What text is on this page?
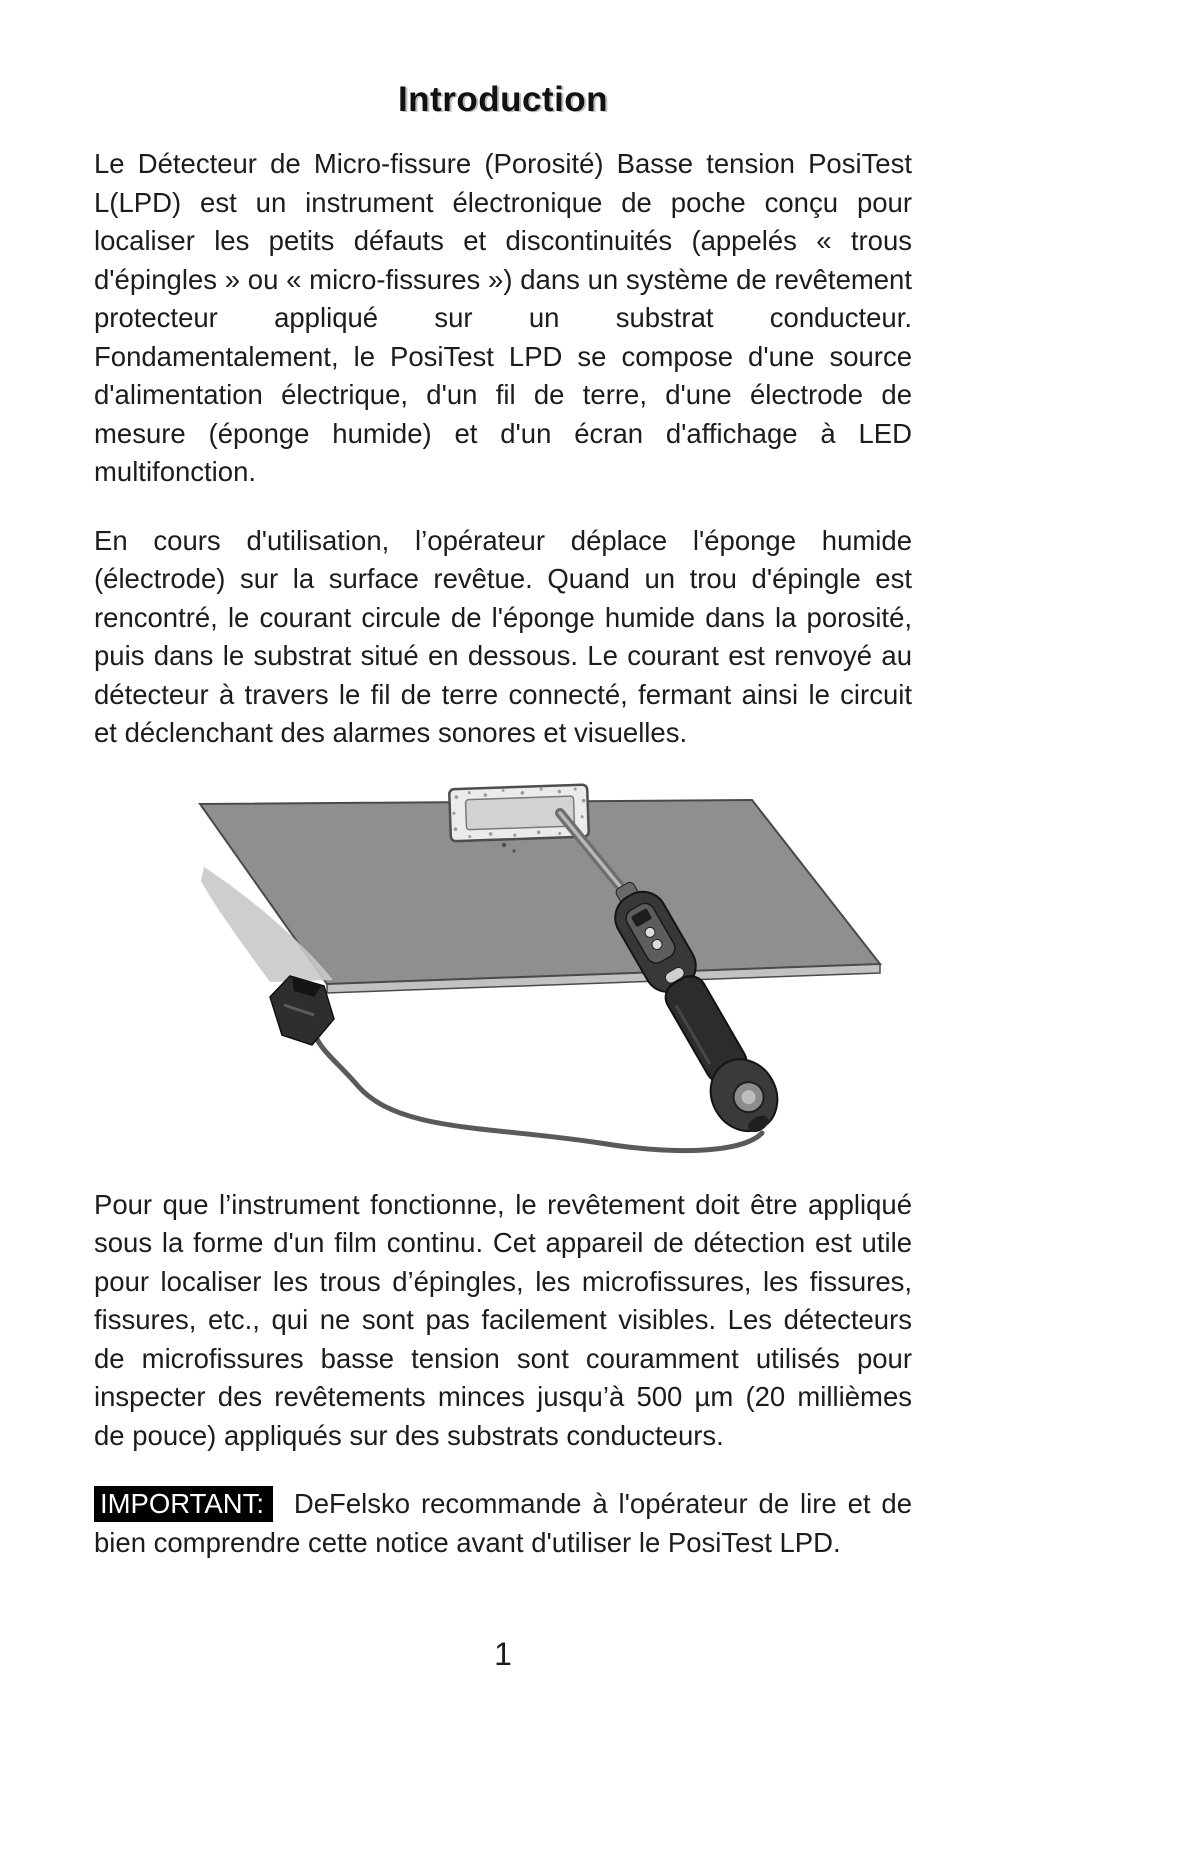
Introduction

Le Détecteur de Micro-fissure (Porosité) Basse tension PosiTest L(LPD) est un instrument électronique de poche conçu pour localiser les petits défauts et discontinuités (appelés « trous d'épingles » ou « micro-fissures ») dans un système de revêtement protecteur appliqué sur un substrat conducteur. Fondamentalement, le PosiTest LPD se compose d'une source d'alimentation électrique, d'un fil de terre, d'une électrode de mesure (éponge humide) et d'un écran d'affichage à LED multifonction.

En cours d'utilisation, l’opérateur déplace l'éponge humide (électrode) sur la surface revêtue. Quand un trou d'épingle est rencontré, le courant circule de l'éponge humide dans la porosité, puis dans le substrat situé en dessous. Le courant est renvoyé au détecteur à travers le fil de terre connecté, fermant ainsi le circuit et déclenchant des alarmes sonores et visuelles.

Pour que l’instrument fonctionne, le revêtement doit être appliqué sous la forme d'un film continu. Cet appareil de détection est utile pour localiser les trous d’épingles, les microfissures, les fissures, fissures, etc., qui ne sont pas facilement visibles. Les détecteurs de microfissures basse tension sont couramment utilisés pour inspecter des revêtements minces jusqu’à 500 µm (20 millièmes de pouce) appliqués sur des substrats conducteurs.

IMPORTANT: DeFelsko recommande à l'opérateur de lire et de bien comprendre cette notice avant d'utiliser le PosiTest LPD.

1
